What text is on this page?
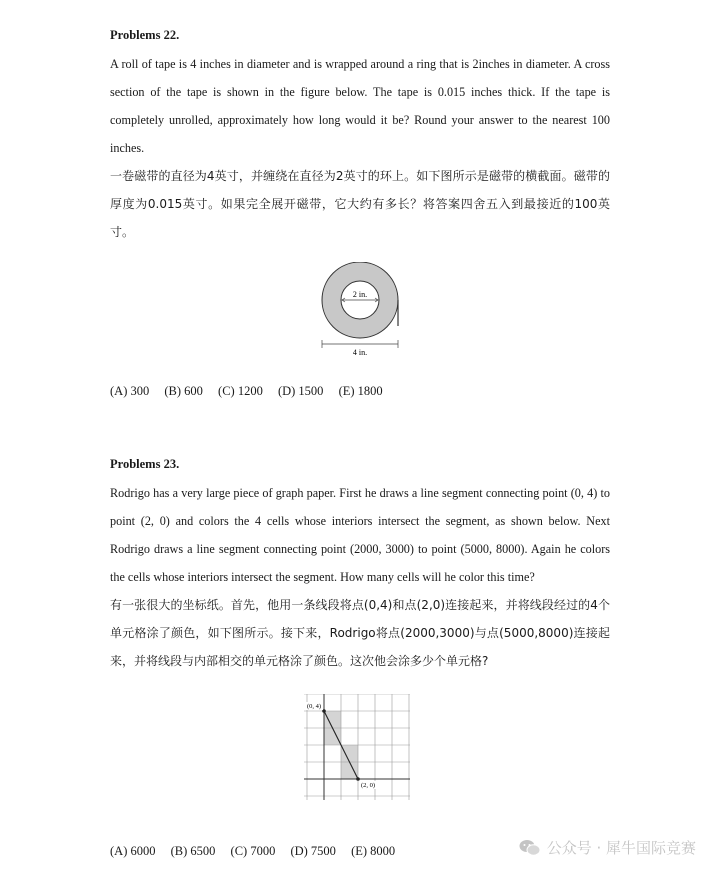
Problems 22.
A roll of tape is 4 inches in diameter and is wrapped around a ring that is 2inches in diameter. A cross section of the tape is shown in the figure below. The tape is 0.015 inches thick. If the tape is completely unrolled, approximately how long would it be? Round your answer to the nearest 100 inches.
一卷磁带的直径为4英寸，并缠绕在直径为2英寸的环上。如下图所示是磁带的横截面。磁带的厚度为0.015英寸。如果完全展开磁带，它大约有多长？将答案四舍五入到最接近的100英寸。
2 in.
4 in.
(A) 300 (B) 600 (C) 1200 (D) 1500 (E) 1800
Problems 23.
Rodrigo has a very large piece of graph paper. First he draws a line segment connecting point (0, 4) to point (2, 0) and colors the 4 cells whose interiors intersect the segment, as shown below. Next Rodrigo draws a line segment connecting point (2000, 3000) to point (5000, 8000). Again he colors the cells whose interiors intersect the segment. How many cells will he color this time?
有一张很大的坐标纸。首先，他用一条线段将点(0,4)和点(2,0)连接起来，并将线段经过的4个单元格涂了颜色，如下图所示。接下来，Rodrigo将点(2000,3000)与点(5000,8000)连接起来，并将线段与内部相交的单元格涂了颜色。这次他会涂多少个单元格?
(0, 4)
(2, 0)
(A) 6000 (B) 6500 (C) 7000 (D) 7500 (E) 8000	公众号 · 犀牛国际竞赛
